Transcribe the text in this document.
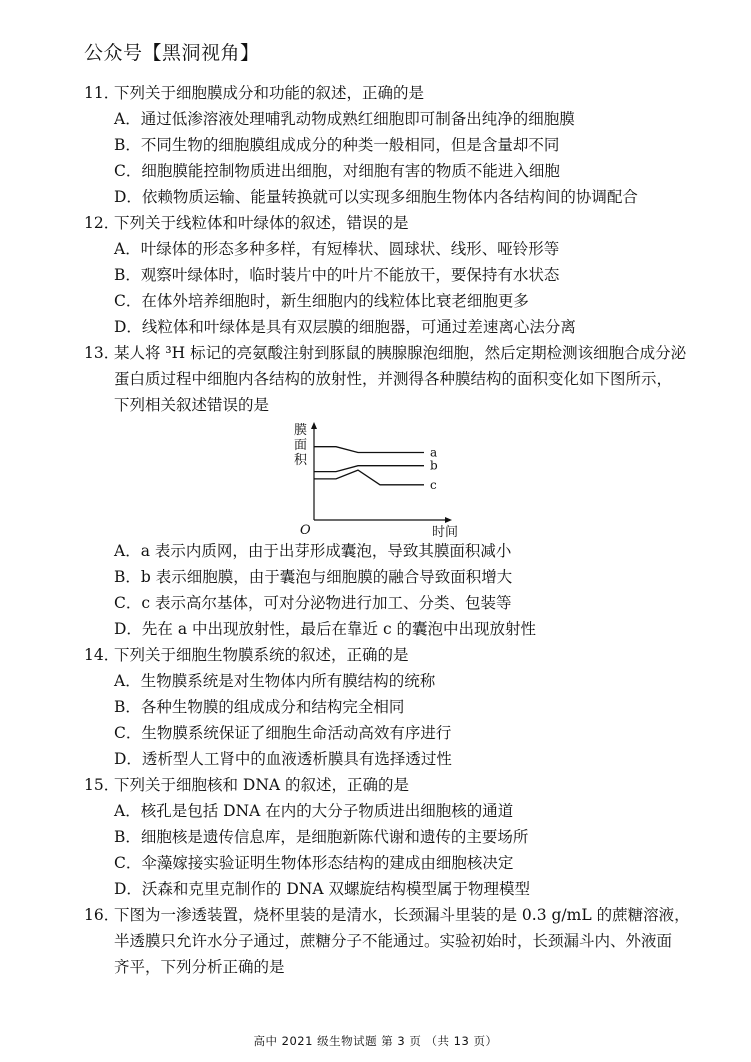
公众号【黑洞视角】
11．下列关于细胞膜成分和功能的叙述，正确的是
A．通过低渗溶液处理哺乳动物成熟红细胞即可制备出纯净的细胞膜
B．不同生物的细胞膜组成成分的种类一般相同，但是含量却不同
C．细胞膜能控制物质进出细胞，对细胞有害的物质不能进入细胞
D．依赖物质运输、能量转换就可以实现多细胞生物体内各结构间的协调配合
12．下列关于线粒体和叶绿体的叙述，错误的是
A．叶绿体的形态多种多样，有短棒状、圆球状、线形、哑铃形等
B．观察叶绿体时，临时装片中的叶片不能放干，要保持有水状态
C．在体外培养细胞时，新生细胞内的线粒体比衰老细胞更多
D．线粒体和叶绿体是具有双层膜的细胞器，可通过差速离心法分离
13．某人将 ³H 标记的亮氨酸注射到豚鼠的胰腺腺泡细胞，然后定期检测该细胞合成分泌
蛋白质过程中细胞内各结构的放射性，并测得各种膜结构的面积变化如下图所示，
下列相关叙述错误的是
膜
面
积
时间
O
a
b
c
A．a 表示内质网，由于出芽形成囊泡，导致其膜面积减小
B．b 表示细胞膜，由于囊泡与细胞膜的融合导致面积增大
C．c 表示高尔基体，可对分泌物进行加工、分类、包装等
D．先在 a 中出现放射性，最后在靠近 c 的囊泡中出现放射性
14．下列关于细胞生物膜系统的叙述，正确的是
A．生物膜系统是对生物体内所有膜结构的统称
B．各种生物膜的组成成分和结构完全相同
C．生物膜系统保证了细胞生命活动高效有序进行
D．透析型人工肾中的血液透析膜具有选择透过性
15．下列关于细胞核和 DNA 的叙述，正确的是
A．核孔是包括 DNA 在内的大分子物质进出细胞核的通道
B．细胞核是遗传信息库，是细胞新陈代谢和遗传的主要场所
C．伞藻嫁接实验证明生物体形态结构的建成由细胞核决定
D．沃森和克里克制作的 DNA 双螺旋结构模型属于物理模型
16．下图为一渗透装置，烧杯里装的是清水，长颈漏斗里装的是 0.3 g/mL 的蔗糖溶液，
半透膜只允许水分子通过，蔗糖分子不能通过。实验初始时，长颈漏斗内、外液面
齐平，下列分析正确的是
高中 2021 级生物试题 第 3 页 （共 13 页）
